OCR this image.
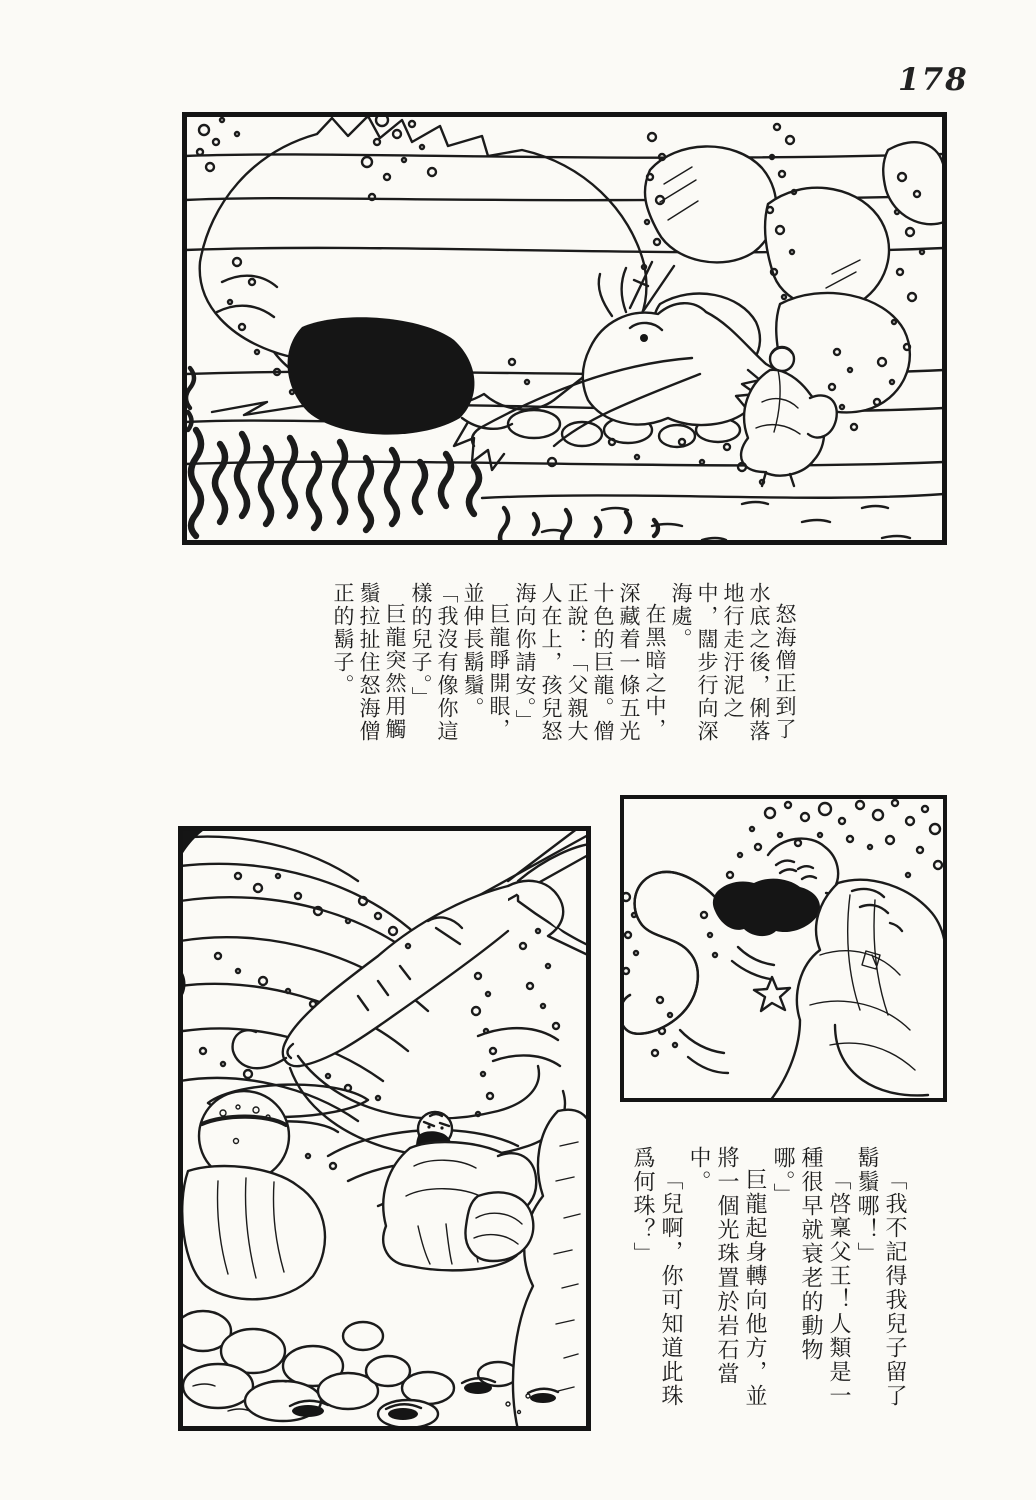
178

怒海僧正到了水底之後，俐落地行走汙泥之中，闊步行向深海處。

在黑暗之中，深藏着一條五光十色的巨龍。僧正說：「父親大人在上，孩兒怒海向你請安。」

巨龍睜開眼，並伸長鬍鬚。「我沒有像你這樣的兒子。」

巨龍突然用觸鬚拉扯住怒海僧正的鬍子。

「我不記得我兒子留了鬍鬚哪！」

「啓稟父王！人類是一種很早就衰老的動物哪。」

巨龍起身轉向他方，並將一個光珠置於岩石當中。

「兒啊，你可知道此珠爲何珠？」
